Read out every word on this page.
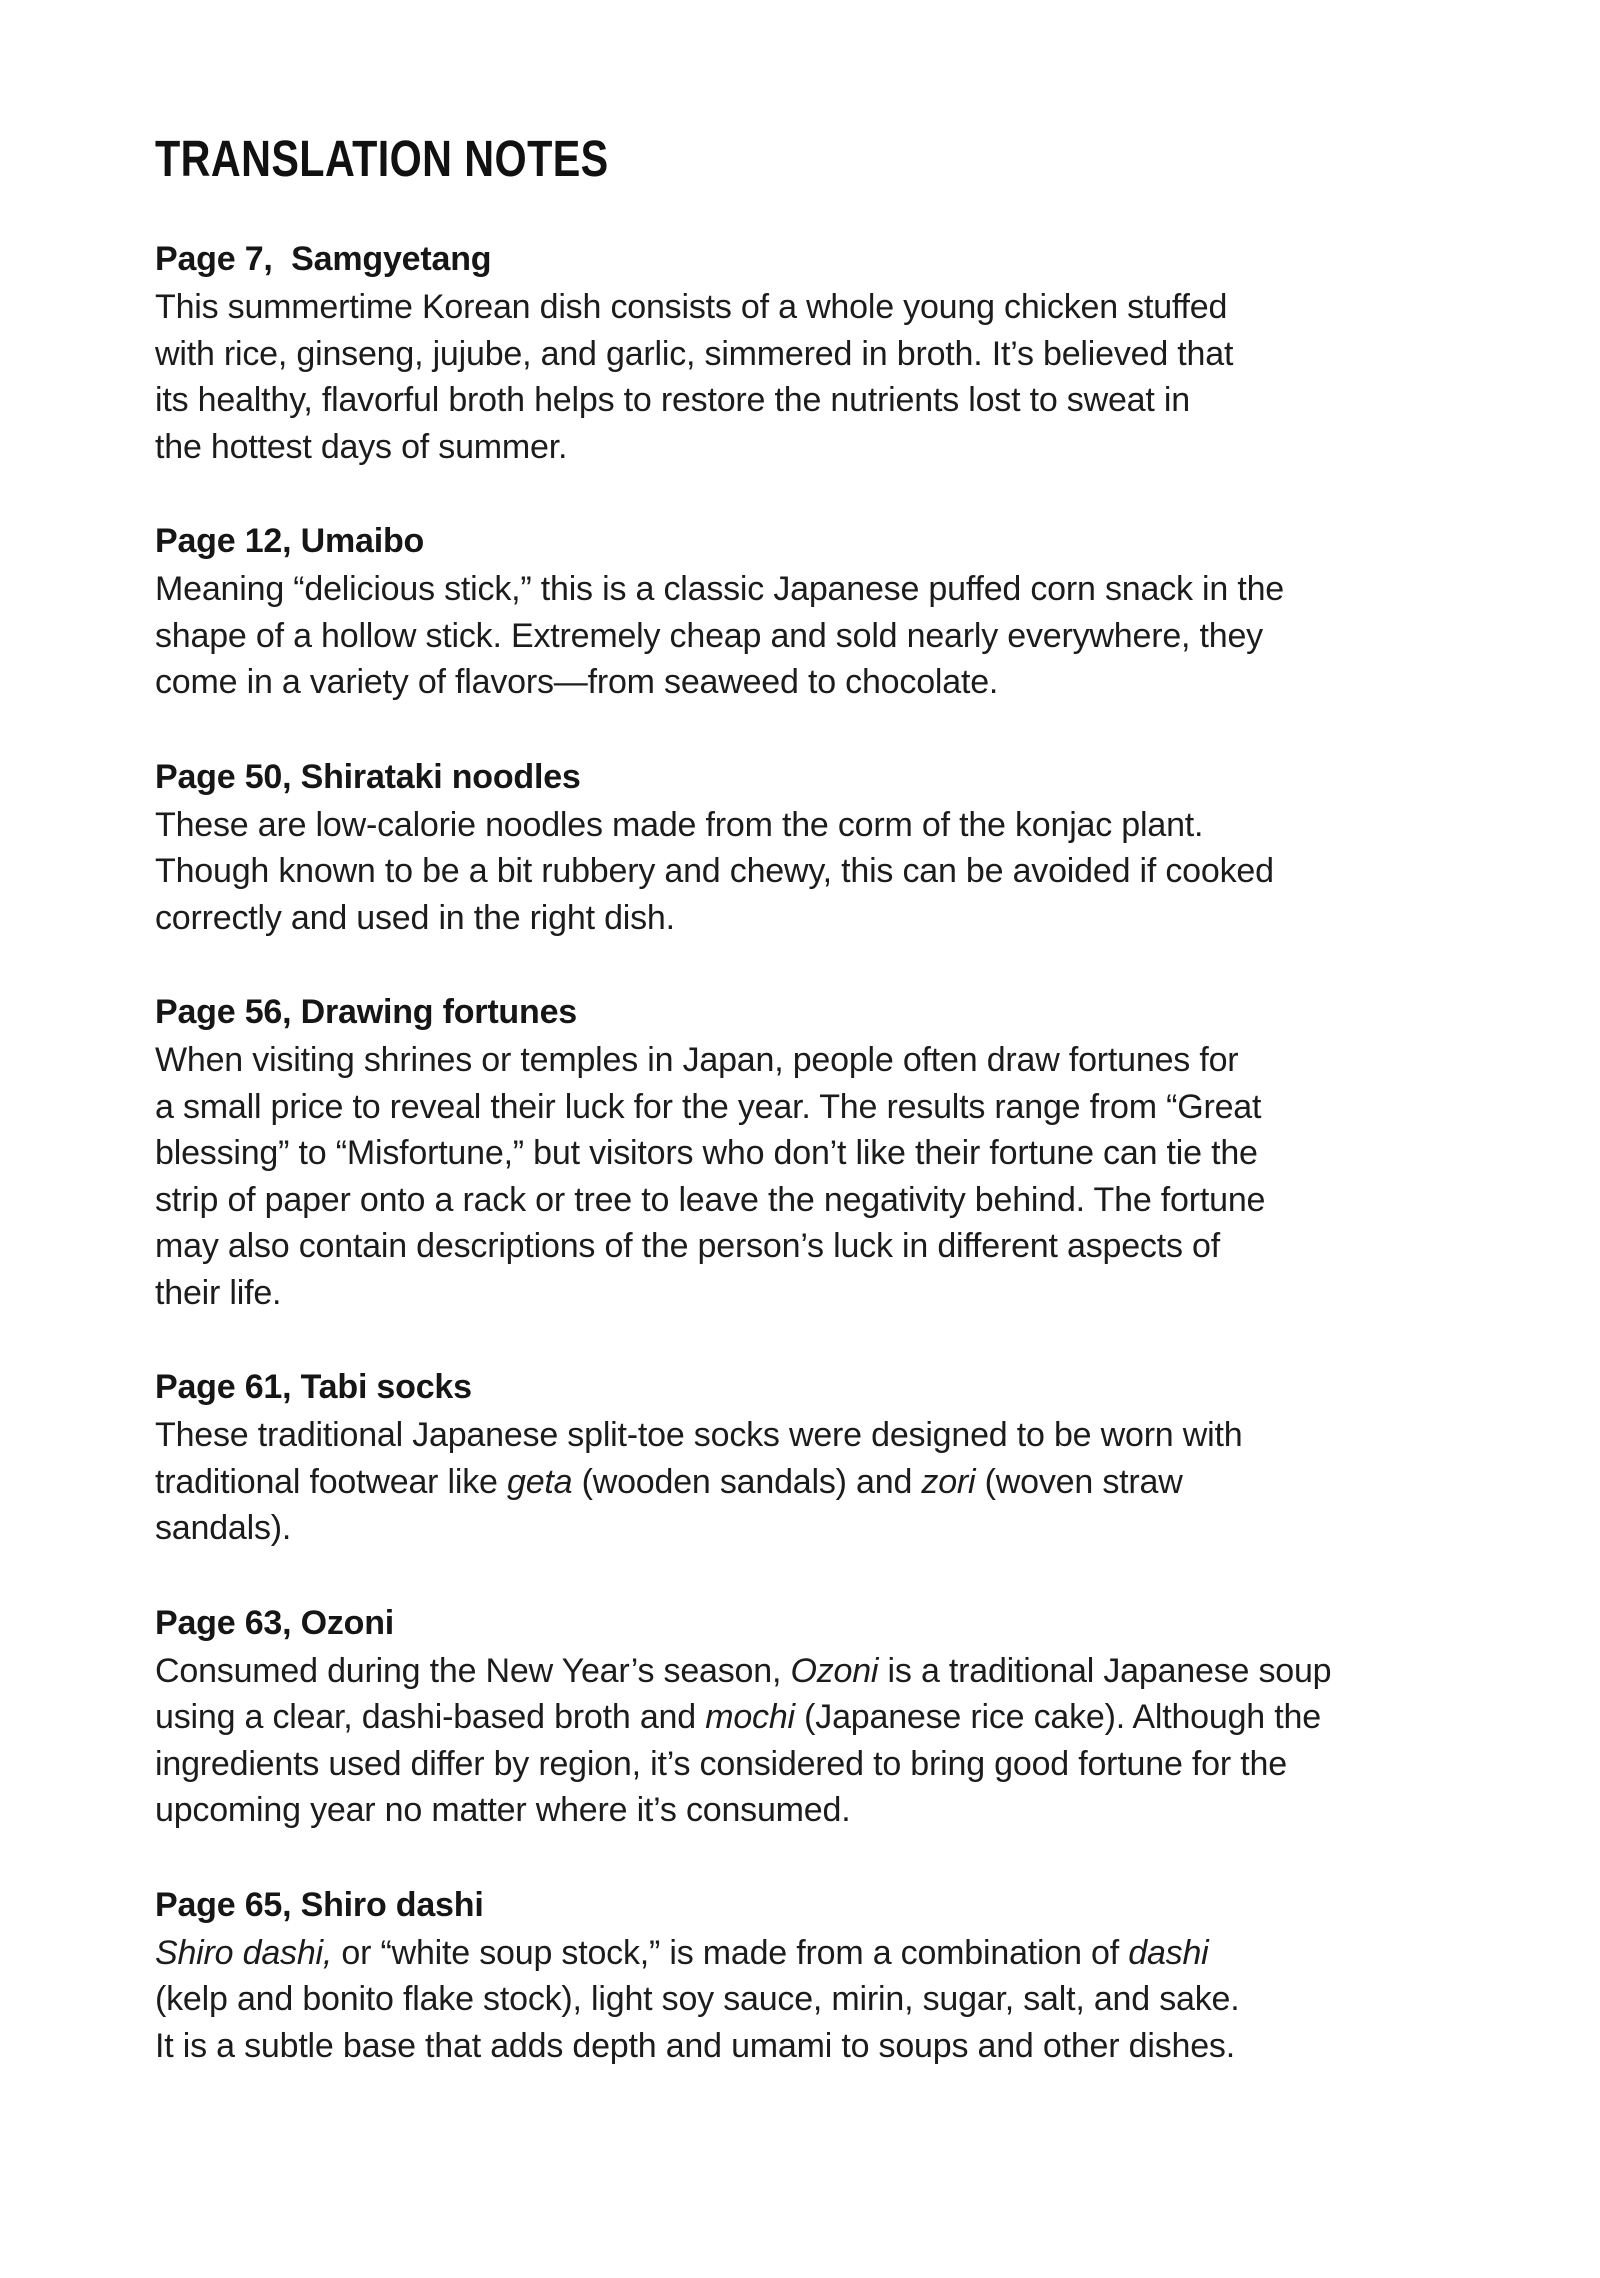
TRANSLATION NOTES
Page 7,  Samgyetang

This summertime Korean dish consists of a whole young chicken stuffed
with rice, ginseng, jujube, and garlic, simmered in broth. It’s believed that
its healthy, flavorful broth helps to restore the nutrients lost to sweat in
the hottest days of summer.

Page 12, Umaibo

Meaning “delicious stick,” this is a classic Japanese puffed corn snack in the
shape of a hollow stick. Extremely cheap and sold nearly everywhere, they
come in a variety of flavors—from seaweed to chocolate.

Page 50, Shirataki noodles

These are low-calorie noodles made from the corm of the konjac plant.
Though known to be a bit rubbery and chewy, this can be avoided if cooked
correctly and used in the right dish.

Page 56, Drawing fortunes

When visiting shrines or temples in Japan, people often draw fortunes for
a small price to reveal their luck for the year. The results range from “Great
blessing” to “Misfortune,” but visitors who don’t like their fortune can tie the
strip of paper onto a rack or tree to leave the negativity behind. The fortune
may also contain descriptions of the person’s luck in different aspects of
their life.

Page 61, Tabi socks

These traditional Japanese split-toe socks were designed to be worn with
traditional footwear like geta (wooden sandals) and zori (woven straw
sandals).

Page 63, Ozoni

Consumed during the New Year’s season, Ozoni is a traditional Japanese soup
using a clear, dashi-based broth and mochi (Japanese rice cake). Although the
ingredients used differ by region, it’s considered to bring good fortune for the
upcoming year no matter where it’s consumed.

Page 65, Shiro dashi

Shiro dashi, or “white soup stock,” is made from a combination of dashi
(kelp and bonito flake stock), light soy sauce, mirin, sugar, salt, and sake.
It is a subtle base that adds depth and umami to soups and other dishes.
